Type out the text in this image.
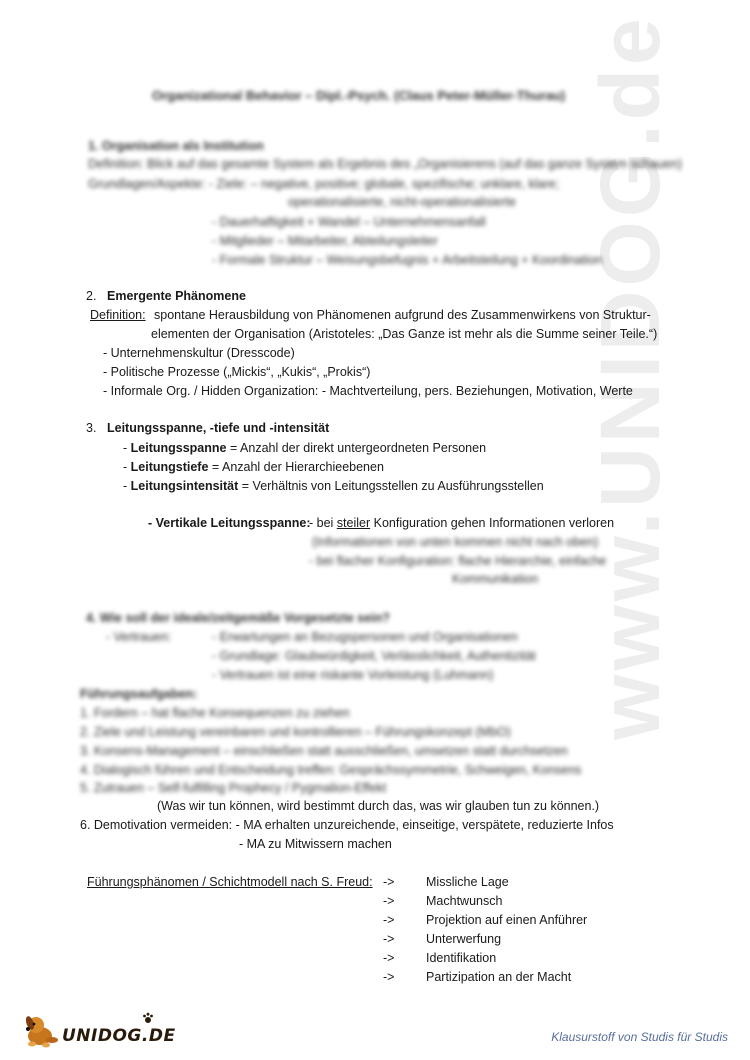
www.UNIDOG.de
Organizational Behavior – Dipl.-Psych. (Claus Peter-Müller-Thurau)
1. Organisation als Institution
Definition: Blick auf das gesamte System als Ergebnis des „Organisierens (auf das ganze System schauen)
Grundlagen/Aspekte: - Ziele: – negative, positive; globale, spezifische; unklare, klare;
operationalisierte, nicht-operationalisierte
- Dauerhaftigkeit + Wandel – Unternehmensanfall
- Mitglieder – Mitarbeiter, Abteilungsleiter
- Formale Struktur – Weisungsbefugnis + Arbeitsteilung + Koordination
2. Emergente Phänomene
Definition: spontane Herausbildung von Phänomenen aufgrund des Zusammenwirkens von Struktur-
elementen der Organisation (Aristoteles: „Das Ganze ist mehr als die Summe seiner Teile.“)
- Unternehmenskultur (Dresscode)
- Politische Prozesse („Mickis“, „Kukis“, „Prokis“)
- Informale Org. / Hidden Organization: - Machtverteilung, pers. Beziehungen, Motivation, Werte
3. Leitungsspanne, -tiefe und -intensität
- Leitungsspanne = Anzahl der direkt untergeordneten Personen
- Leitungstiefe = Anzahl der Hierarchieebenen
- Leitungsintensität = Verhältnis von Leitungsstellen zu Ausführungsstellen
- Vertikale Leitungsspanne:
- bei steiler Konfiguration gehen Informationen verloren
(Informationen von unten kommen nicht nach oben)
- bei flacher Konfiguration: flache Hierarchie, einfache
Kommunikation
4. Wie soll der ideale/zeitgemäße Vorgesetzte sein?
- Vertrauen:	- Erwartungen an Bezugspersonen und Organisationen
- Grundlage: Glaubwürdigkeit, Verlässlichkeit, Authentizität
- Vertrauen ist eine riskante Vorleistung (Luhmann)
Führungsaufgaben:
1. Fordern – hat flache Konsequenzen zu ziehen
2. Ziele und Leistung vereinbaren und kontrollieren – Führungskonzept (MbO)
3. Konsens-Management – einschließen statt ausschließen, umsetzen statt durchsetzen
4. Dialogisch führen und Entscheidung treffen: Gesprächssymmetrie, Schweigen, Konsens
5. Zutrauen – Self-fulfilling Prophecy / Pygmalion-Effekt
(Was wir tun können, wird bestimmt durch das, was wir glauben tun zu können.)
6. Demotivation vermeiden: - MA erhalten unzureichende, einseitige, verspätete, reduzierte Infos
- MA zu Mitwissern machen
Führungsphänomen / Schichtmodell nach S. Freud: ->	Missliche Lage
->	Machtwunsch
->	Projektion auf einen Anführer
->	Unterwerfung
->	Identifikation
->	Partizipation an der Macht
UNIDOG.DE	Klausurstoff von Studis für Studis
